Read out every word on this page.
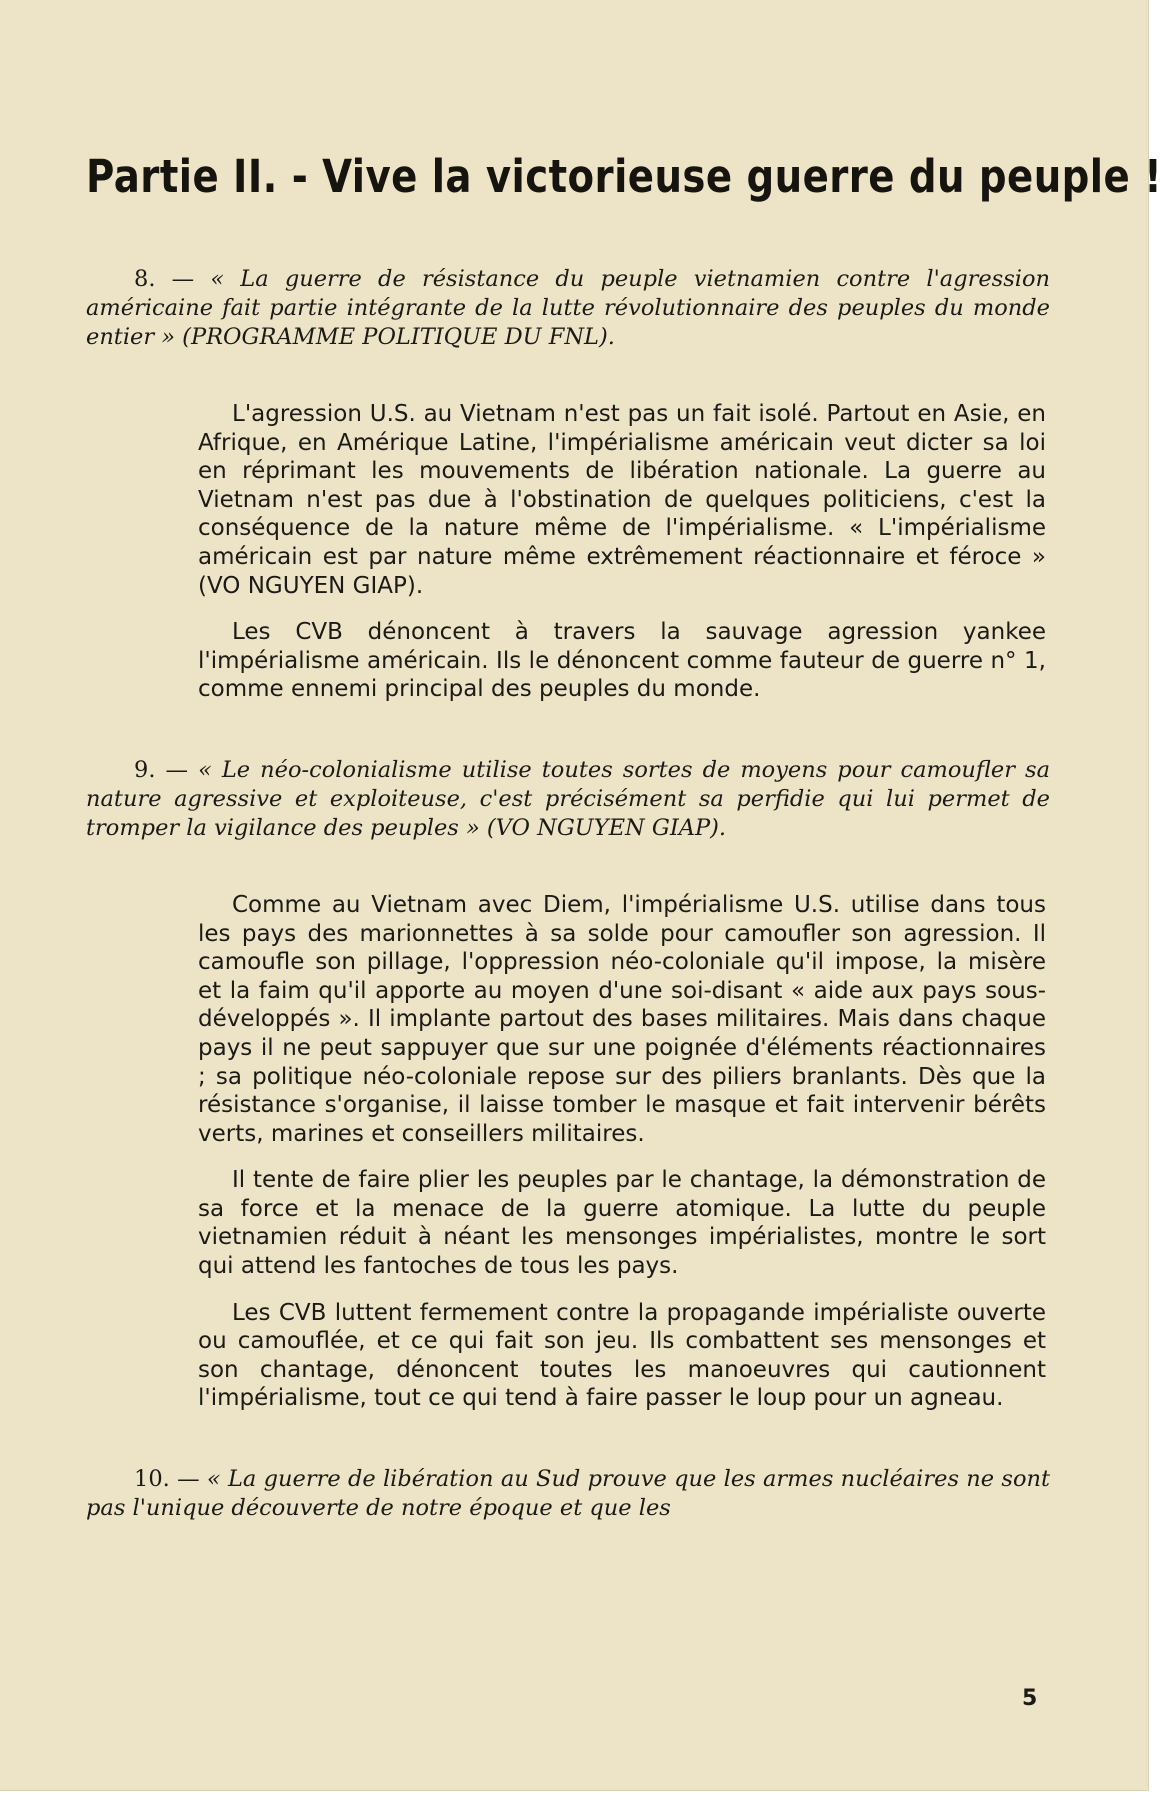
Partie II. - Vive la victorieuse guerre du peuple !

8. — « La guerre de résistance du peuple vietnamien contre l'agression américaine fait partie intégrante de la lutte révolutionnaire des peuples du monde entier » (PROGRAMME POLITIQUE DU FNL).

L'agression U.S. au Vietnam n'est pas un fait isolé. Partout en Asie, en Afrique, en Amérique Latine, l'impérialisme américain veut dicter sa loi en réprimant les mouvements de libération nationale. La guerre au Vietnam n'est pas due à l'obstination de quelques politiciens, c'est la conséquence de la nature même de l'impérialisme. « L'impérialisme américain est par nature même extrêmement réactionnaire et féroce » (VO NGUYEN GIAP).

Les CVB dénoncent à travers la sauvage agression yankee l'impérialisme américain. Ils le dénoncent comme fauteur de guerre n° 1, comme ennemi principal des peuples du monde.

9. — « Le néo-colonialisme utilise toutes sortes de moyens pour camoufler sa nature agressive et exploiteuse, c'est précisément sa perfidie qui lui permet de tromper la vigilance des peuples » (VO NGUYEN GIAP).

Comme au Vietnam avec Diem, l'impérialisme U.S. utilise dans tous les pays des marionnettes à sa solde pour camoufler son agression. Il camoufle son pillage, l'oppression néo-coloniale qu'il impose, la misère et la faim qu'il apporte au moyen d'une soi-disant « aide aux pays sous-développés ». Il implante partout des bases militaires. Mais dans chaque pays il ne peut sappuyer que sur une poignée d'éléments réactionnaires ; sa politique néo-coloniale repose sur des piliers branlants. Dès que la résistance s'organise, il laisse tomber le masque et fait intervenir bérêts verts, marines et conseillers militaires.

Il tente de faire plier les peuples par le chantage, la démonstration de sa force et la menace de la guerre atomique. La lutte du peuple vietnamien réduit à néant les mensonges impérialistes, montre le sort qui attend les fantoches de tous les pays.

Les CVB luttent fermement contre la propagande impérialiste ouverte ou camouflée, et ce qui fait son jeu. Ils combattent ses mensonges et son chantage, dénoncent toutes les manoeuvres qui cautionnent l'impérialisme, tout ce qui tend à faire passer le loup pour un agneau.

10. — « La guerre de libération au Sud prouve que les armes nucléaires ne sont pas l'unique découverte de notre époque et que les

5
